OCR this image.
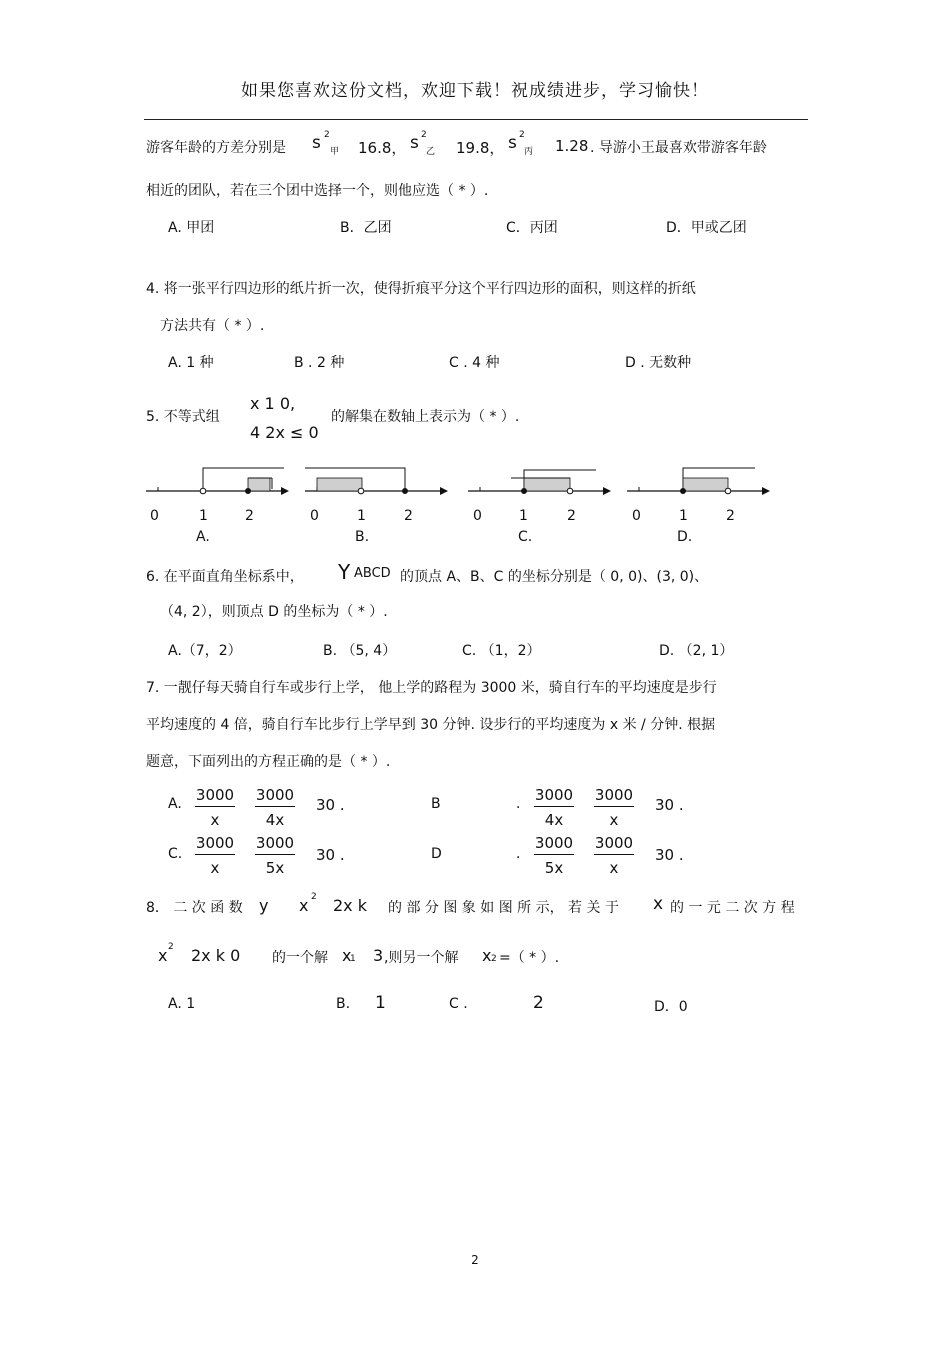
如果您喜欢这份文档，欢迎下载！祝成绩进步，学习愉快！
游客年龄的方差分别是 s 2
甲 16.8， s 2
乙 19.8， s 2
丙 1.28 . 导游小王最喜欢带游客年龄
相近的团队，若在三个团中选择一个，则他应选（ * ）.
A. 甲团	B．乙团	C．丙团	D．甲或乙团
4. 将一张平行四边形的纸片折一次，使得折痕平分这个平行四边形的面积，则这样的折纸
方法共有（ * ）.
A. 1 种	B . 2 种	C . 4 种	D . 无数种
5. 不等式组
x 1 0,
4 2x ≤ 0
的解集在数轴上表示为（ * ）.
0	1	2
A.
0	1	2
B.
0	1	2
C.
0	1	2
D.
6. 在平面直角坐标系中， Y ABCD 的顶点 A、B、C 的坐标分别是（ 0, 0)、(3, 0)、
（4, 2），则顶点 D 的坐标为（ * ）.
A.（7，2）	B. （5, 4）	C. （1，2）	D. （2, 1）
7. 一靓仔每天骑自行车或步行上学， 他上学的路程为 3000 米，骑自行车的平均速度是步行
平均速度的 4 倍，骑自行车比步行上学早到 30 分钟. 设步行的平均速度为 x 米 / 分钟. 根据
题意，下面列出的方程正确的是（ * ）.
A. $\frac{3000}{x} \frac{3000}{4x} 30$ .	B	. $\frac{3000}{4x} \frac{3000}{x} 30$ .
C. $\frac{3000}{x} \frac{3000}{5x} 30$ .	D	. $\frac{3000}{5x} \frac{3000}{x} 30$ .
8． 二 次 函 数 y x 2 2x k 的 部 分 图 象 如 图 所 示， 若 关 于 x 的 一 元 二 次 方 程
x 2 2x k 0 的一个解 x
1 3 ,则另一个解 x 2 =（ * ）.
A. 1	B. 1	C .	2	D．0
2
